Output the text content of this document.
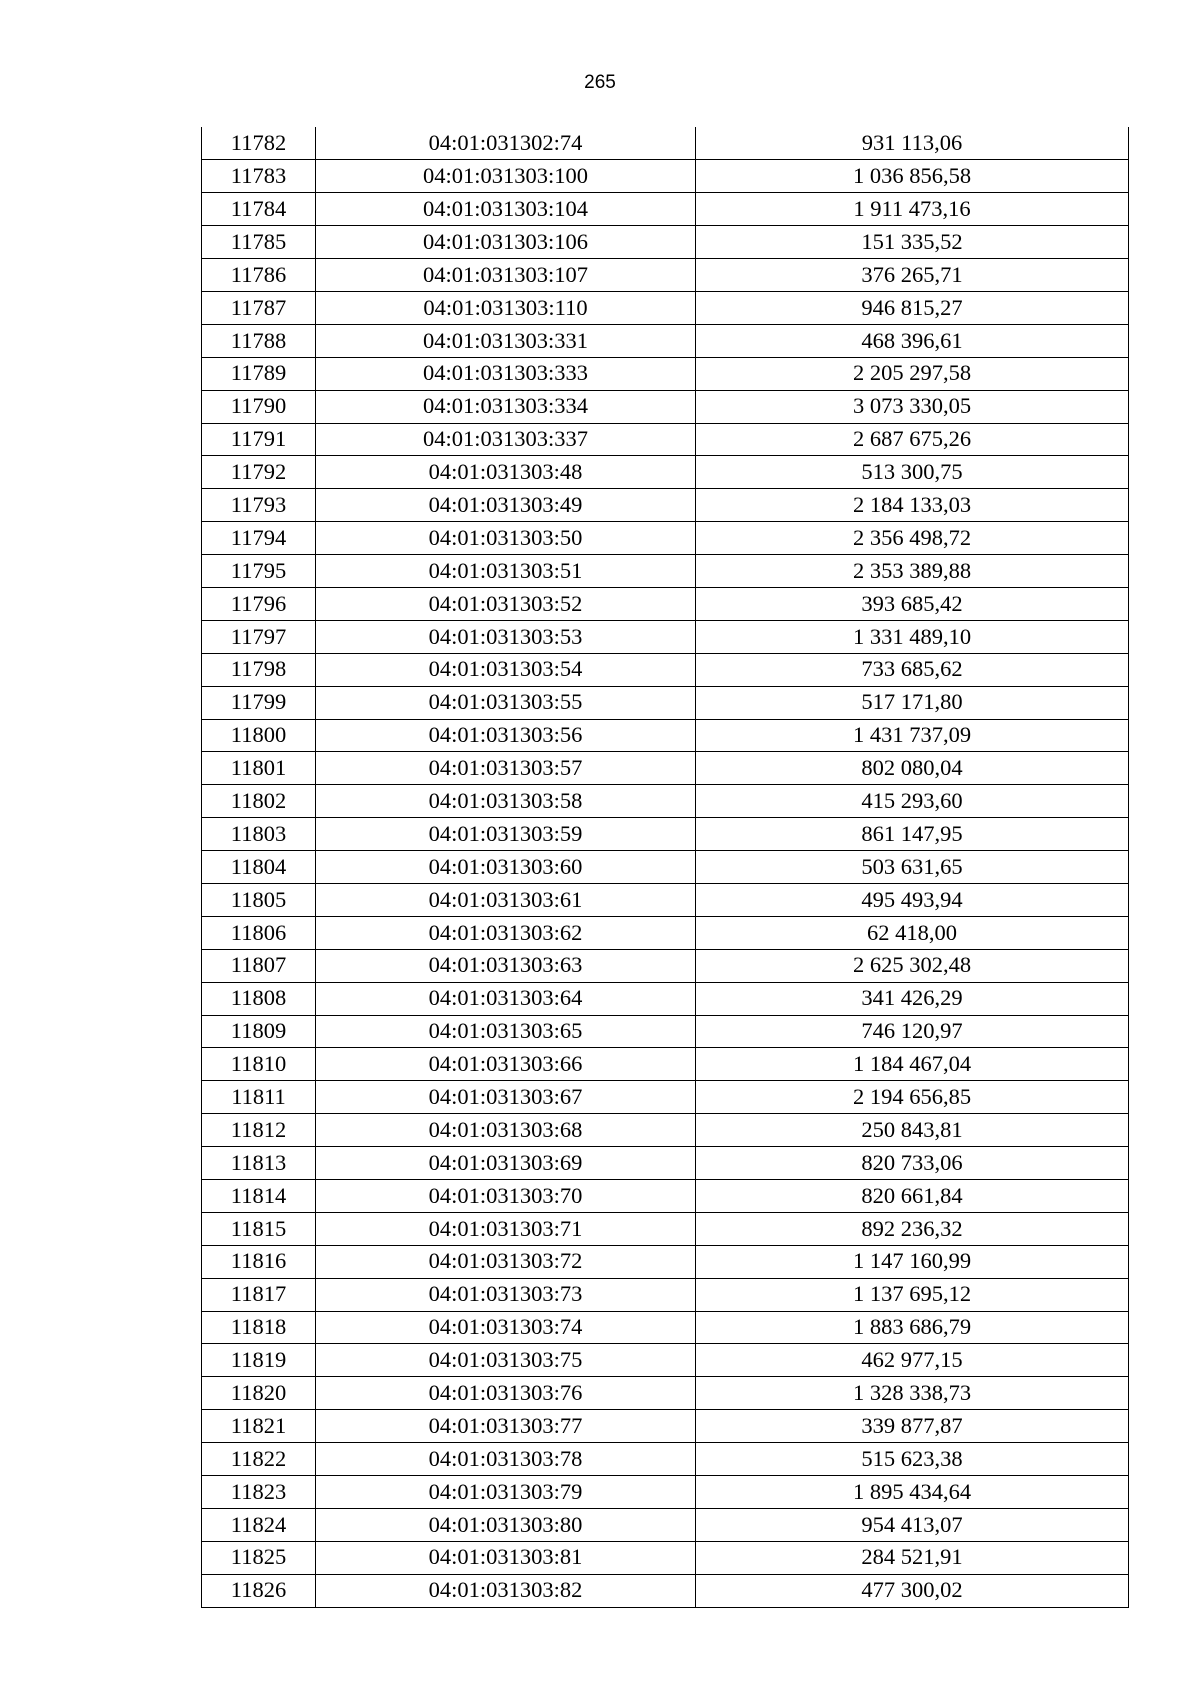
265
11782	04:01:031302:74	931 113,06
11783	04:01:031303:100	1 036 856,58
11784	04:01:031303:104	1 911 473,16
11785	04:01:031303:106	151 335,52
11786	04:01:031303:107	376 265,71
11787	04:01:031303:110	946 815,27
11788	04:01:031303:331	468 396,61
11789	04:01:031303:333	2 205 297,58
11790	04:01:031303:334	3 073 330,05
11791	04:01:031303:337	2 687 675,26
11792	04:01:031303:48	513 300,75
11793	04:01:031303:49	2 184 133,03
11794	04:01:031303:50	2 356 498,72
11795	04:01:031303:51	2 353 389,88
11796	04:01:031303:52	393 685,42
11797	04:01:031303:53	1 331 489,10
11798	04:01:031303:54	733 685,62
11799	04:01:031303:55	517 171,80
11800	04:01:031303:56	1 431 737,09
11801	04:01:031303:57	802 080,04
11802	04:01:031303:58	415 293,60
11803	04:01:031303:59	861 147,95
11804	04:01:031303:60	503 631,65
11805	04:01:031303:61	495 493,94
11806	04:01:031303:62	62 418,00
11807	04:01:031303:63	2 625 302,48
11808	04:01:031303:64	341 426,29
11809	04:01:031303:65	746 120,97
11810	04:01:031303:66	1 184 467,04
11811	04:01:031303:67	2 194 656,85
11812	04:01:031303:68	250 843,81
11813	04:01:031303:69	820 733,06
11814	04:01:031303:70	820 661,84
11815	04:01:031303:71	892 236,32
11816	04:01:031303:72	1 147 160,99
11817	04:01:031303:73	1 137 695,12
11818	04:01:031303:74	1 883 686,79
11819	04:01:031303:75	462 977,15
11820	04:01:031303:76	1 328 338,73
11821	04:01:031303:77	339 877,87
11822	04:01:031303:78	515 623,38
11823	04:01:031303:79	1 895 434,64
11824	04:01:031303:80	954 413,07
11825	04:01:031303:81	284 521,91
11826	04:01:031303:82	477 300,02
